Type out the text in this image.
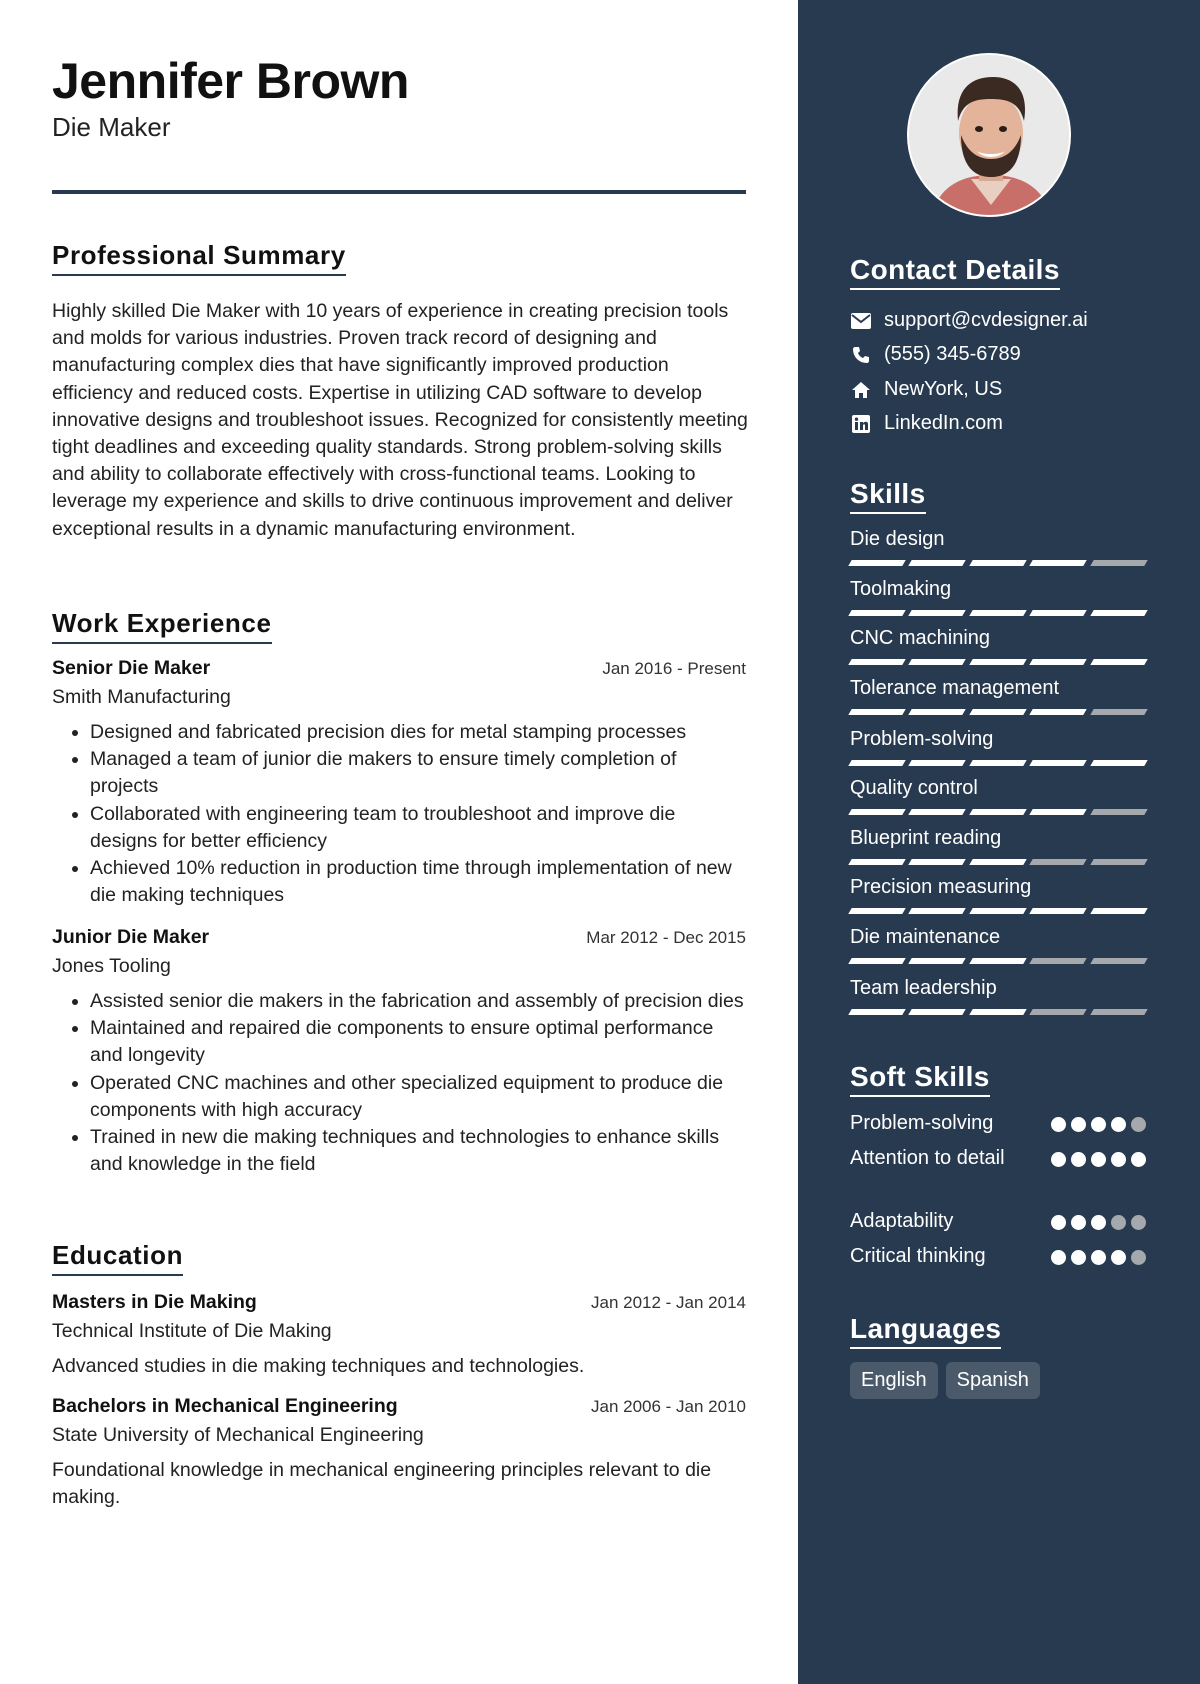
Jennifer Brown
Die Maker
Professional Summary
Highly skilled Die Maker with 10 years of experience in creating precision tools and molds for various industries. Proven track record of designing and manufacturing complex dies that have significantly improved production efficiency and reduced costs. Expertise in utilizing CAD software to develop innovative designs and troubleshoot issues. Recognized for consistently meeting tight deadlines and exceeding quality standards. Strong problem-solving skills and ability to collaborate effectively with cross-functional teams. Looking to leverage my experience and skills to drive continuous improvement and deliver exceptional results in a dynamic manufacturing environment.
Work Experience
Senior Die Maker	Jan 2016 - Present
Smith Manufacturing
• Designed and fabricated precision dies for metal stamping processes
• Managed a team of junior die makers to ensure timely completion of projects
• Collaborated with engineering team to troubleshoot and improve die designs for better efficiency
• Achieved 10% reduction in production time through implementation of new die making techniques
Junior Die Maker	Mar 2012 - Dec 2015
Jones Tooling
• Assisted senior die makers in the fabrication and assembly of precision dies
• Maintained and repaired die components to ensure optimal performance and longevity
• Operated CNC machines and other specialized equipment to produce die components with high accuracy
• Trained in new die making techniques and technologies to enhance skills and knowledge in the field
Education
Masters in Die Making	Jan 2012 - Jan 2014
Technical Institute of Die Making
Advanced studies in die making techniques and technologies.
Bachelors in Mechanical Engineering	Jan 2006 - Jan 2010
State University of Mechanical Engineering
Foundational knowledge in mechanical engineering principles relevant to die making.
Contact Details
support@cvdesigner.ai
(555) 345-6789
NewYork, US
LinkedIn.com
Skills
Die design
Toolmaking
CNC machining
Tolerance management
Problem-solving
Quality control
Blueprint reading
Precision measuring
Die maintenance
Team leadership
Soft Skills
Problem-solving
Attention to detail
Adaptability
Critical thinking
Languages
English	Spanish
